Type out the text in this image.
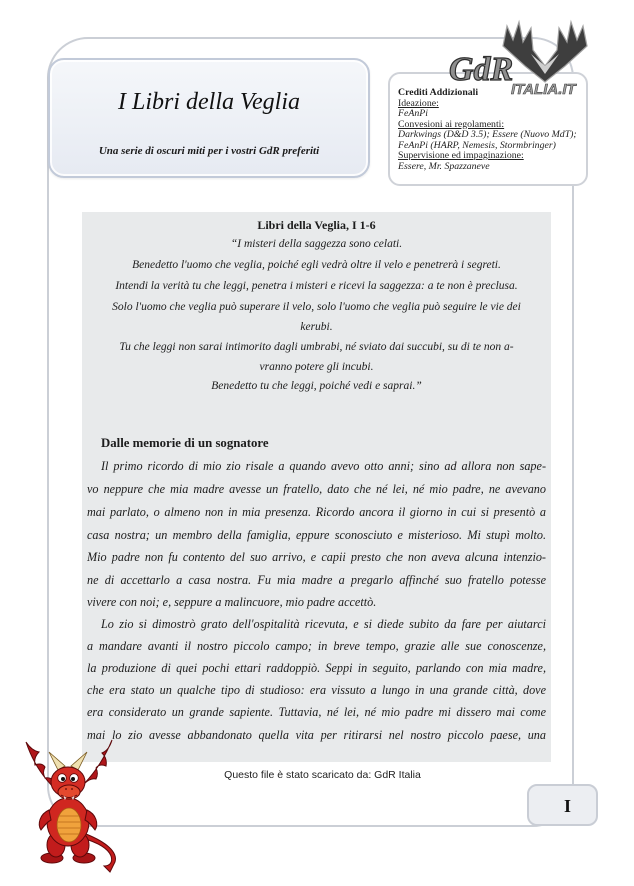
I Libri della Veglia
Una serie di oscuri miti per i vostri GdR preferiti
Crediti Addizionali
Ideazione:
FeAnPi
Convesioni ai regolamenti:
Darkwings (D&D 3.5); Essere (Nuovo MdT);
FeAnPi (HARP, Nemesis, Stormbringer)
Supervisione ed impaginazione:
Essere, Mr. Spazzaneve
GdR
ITALIA.IT
Libri della Veglia, I 1-6
“I misteri della saggezza sono celati.
Benedetto l'uomo che veglia, poiché egli vedrà oltre il velo e penetrerà i segreti.
Intendi la verità tu che leggi, penetra i misteri e ricevi la saggezza: a te non è preclusa.
Solo l'uomo che veglia può superare il velo, solo l'uomo che veglia può seguire le vie dei
kerubi.
Tu che leggi non sarai intimorito dagli umbrabi, né sviato dai succubi, su di te non a-
vranno potere gli incubi.
Benedetto tu che leggi, poiché vedi e saprai.”
Dalle memorie di un sognatore
Il primo ricordo di mio zio risale a quando avevo otto anni; sino ad allora non sape-
vo neppure che mia madre avesse un fratello, dato che né lei, né mio padre, ne avevano
mai parlato, o almeno non in mia presenza. Ricordo ancora il giorno in cui si presentò a
casa nostra; un membro della famiglia, eppure sconosciuto e misterioso. Mi stupì molto.
Mio padre non fu contento del suo arrivo, e capii presto che non aveva alcuna intenzio-
ne di accettarlo a casa nostra. Fu mia madre a pregarlo affinché suo fratello potesse
vivere con noi; e, seppure a malincuore, mio padre accettò.
Lo zio si dimostrò grato dell'ospitalità ricevuta, e si diede subito da fare per aiutarci
a mandare avanti il nostro piccolo campo; in breve tempo, grazie alle sue conoscenze,
la produzione di quei pochi ettari raddoppiò. Seppi in seguito, parlando con mia madre,
che era stato un qualche tipo di studioso: era vissuto a lungo in una grande città, dove
era considerato un grande sapiente. Tuttavia, né lei, né mio padre mi dissero mai come
mai lo zio avesse abbandonato quella vita per ritirarsi nel nostro piccolo paese, una
Questo file è stato scaricato da: GdR Italia
I
